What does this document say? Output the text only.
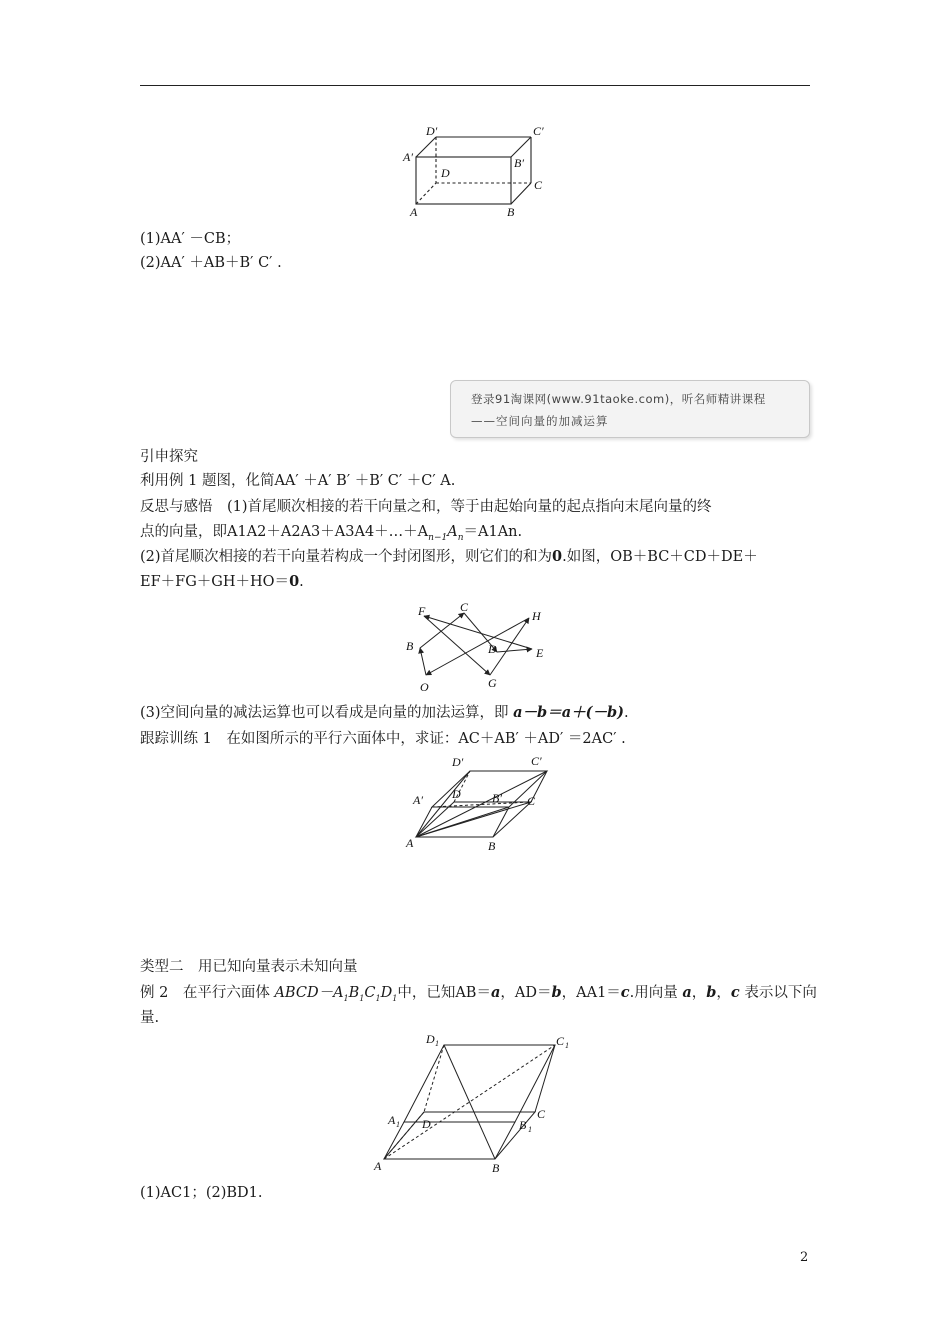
D′	C′
A′	B′
D
C
A	B
(1)AA′ －CB；
(2)AA′ ＋AB＋B′ C′ .
登录91淘课网(www.91taoke.com)，听名师精讲课程
——空间向量的加减运算
引申探究
利用例 1 题图，化简AA′ ＋A′ B′ ＋B′ C′ ＋C′ A.
反思与感悟　(1)首尾顺次相接的若干向量之和，等于由起始向量的起点指向末尾向量的终
点的向量，即$A1A2+A2A3+A3A4+\dots+A_{n-1}A_n=A1An$.
(2)首尾顺次相接的若干向量若构成一个封闭图形，则它们的和为0.如图，OB＋BC＋CD＋DE＋
EF＋FG＋GH＋HO＝0.
F	C
H
B	D	E
O	G
(3)空间向量的减法运算也可以看成是向量的加法运算，即 a－b＝a＋(－b).
跟踪训练 1　在如图所示的平行六面体中，求证：AC＋AB′ ＋AD′ ＝2AC′ .
D′	C′
A′ D	B′ C
A	B
类型二　用已知向量表示未知向量
例 2　在平行六面体 $ABCD-A_1B_1C_1D_1$中，已知AB＝a，AD＝b，AA1＝c.用向量 a，b，c 表示以下向
量.
D 1	C 1
A 1	B 1
D
C
A	B
(1)AC1；(2)BD1.
2
